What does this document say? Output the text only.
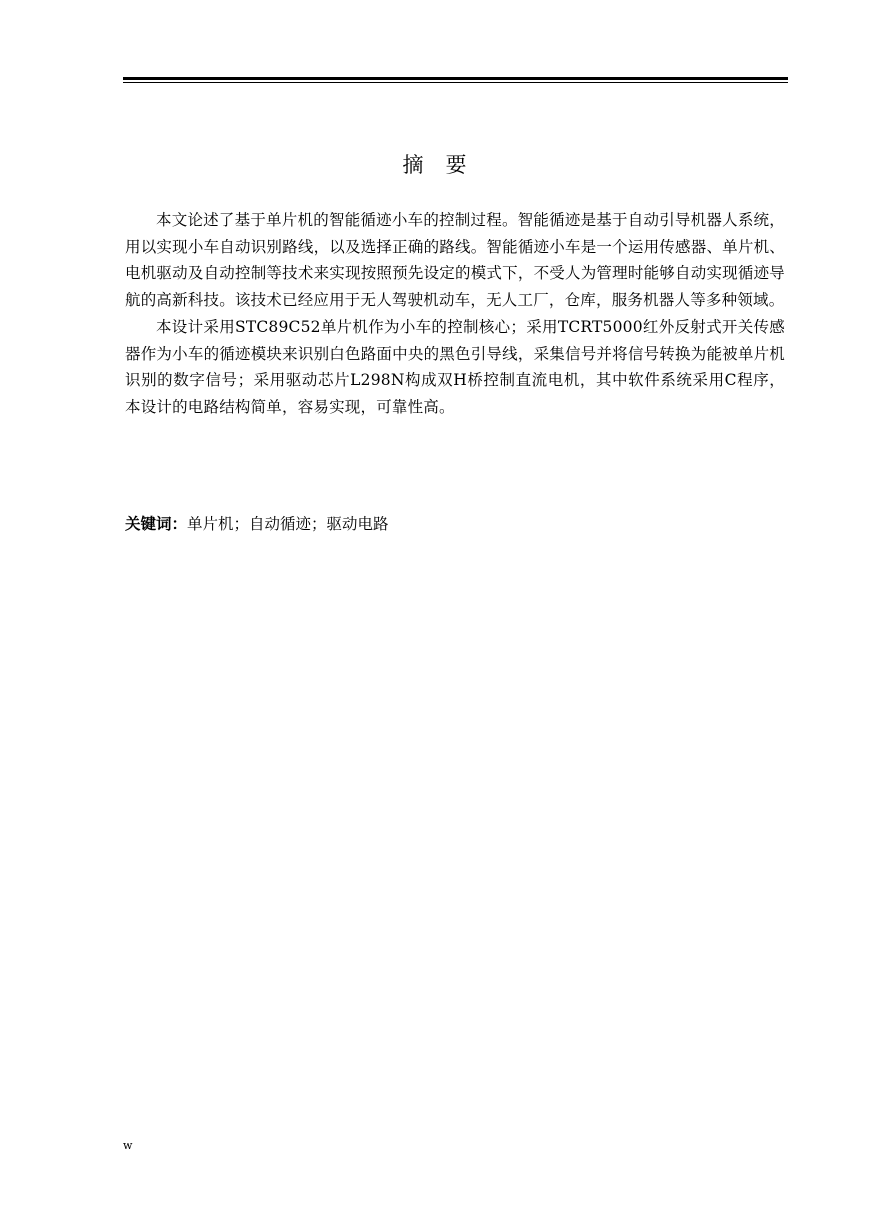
摘要

本文论述了基于单片机的智能循迹小车的控制过程。智能循迹是基于自动引导机器人系统，用以实现小车自动识别路线，以及选择正确的路线。智能循迹小车是一个运用传感器、单片机、电机驱动及自动控制等技术来实现按照预先设定的模式下，不受人为管理时能够自动实现循迹导航的高新科技。该技术已经应用于无人驾驶机动车，无人工厂，仓库，服务机器人等多种领域。

本设计采用STC89C52单片机作为小车的控制核心；采用TCRT5000红外反射式开关传感器作为小车的循迹模块来识别白色路面中央的黑色引导线，采集信号并将信号转换为能被单片机识别的数字信号；采用驱动芯片L298N构成双H桥控制直流电机，其中软件系统采用C程序，本设计的电路结构简单，容易实现，可靠性高。

关键词：单片机；自动循迹；驱动电路
w
